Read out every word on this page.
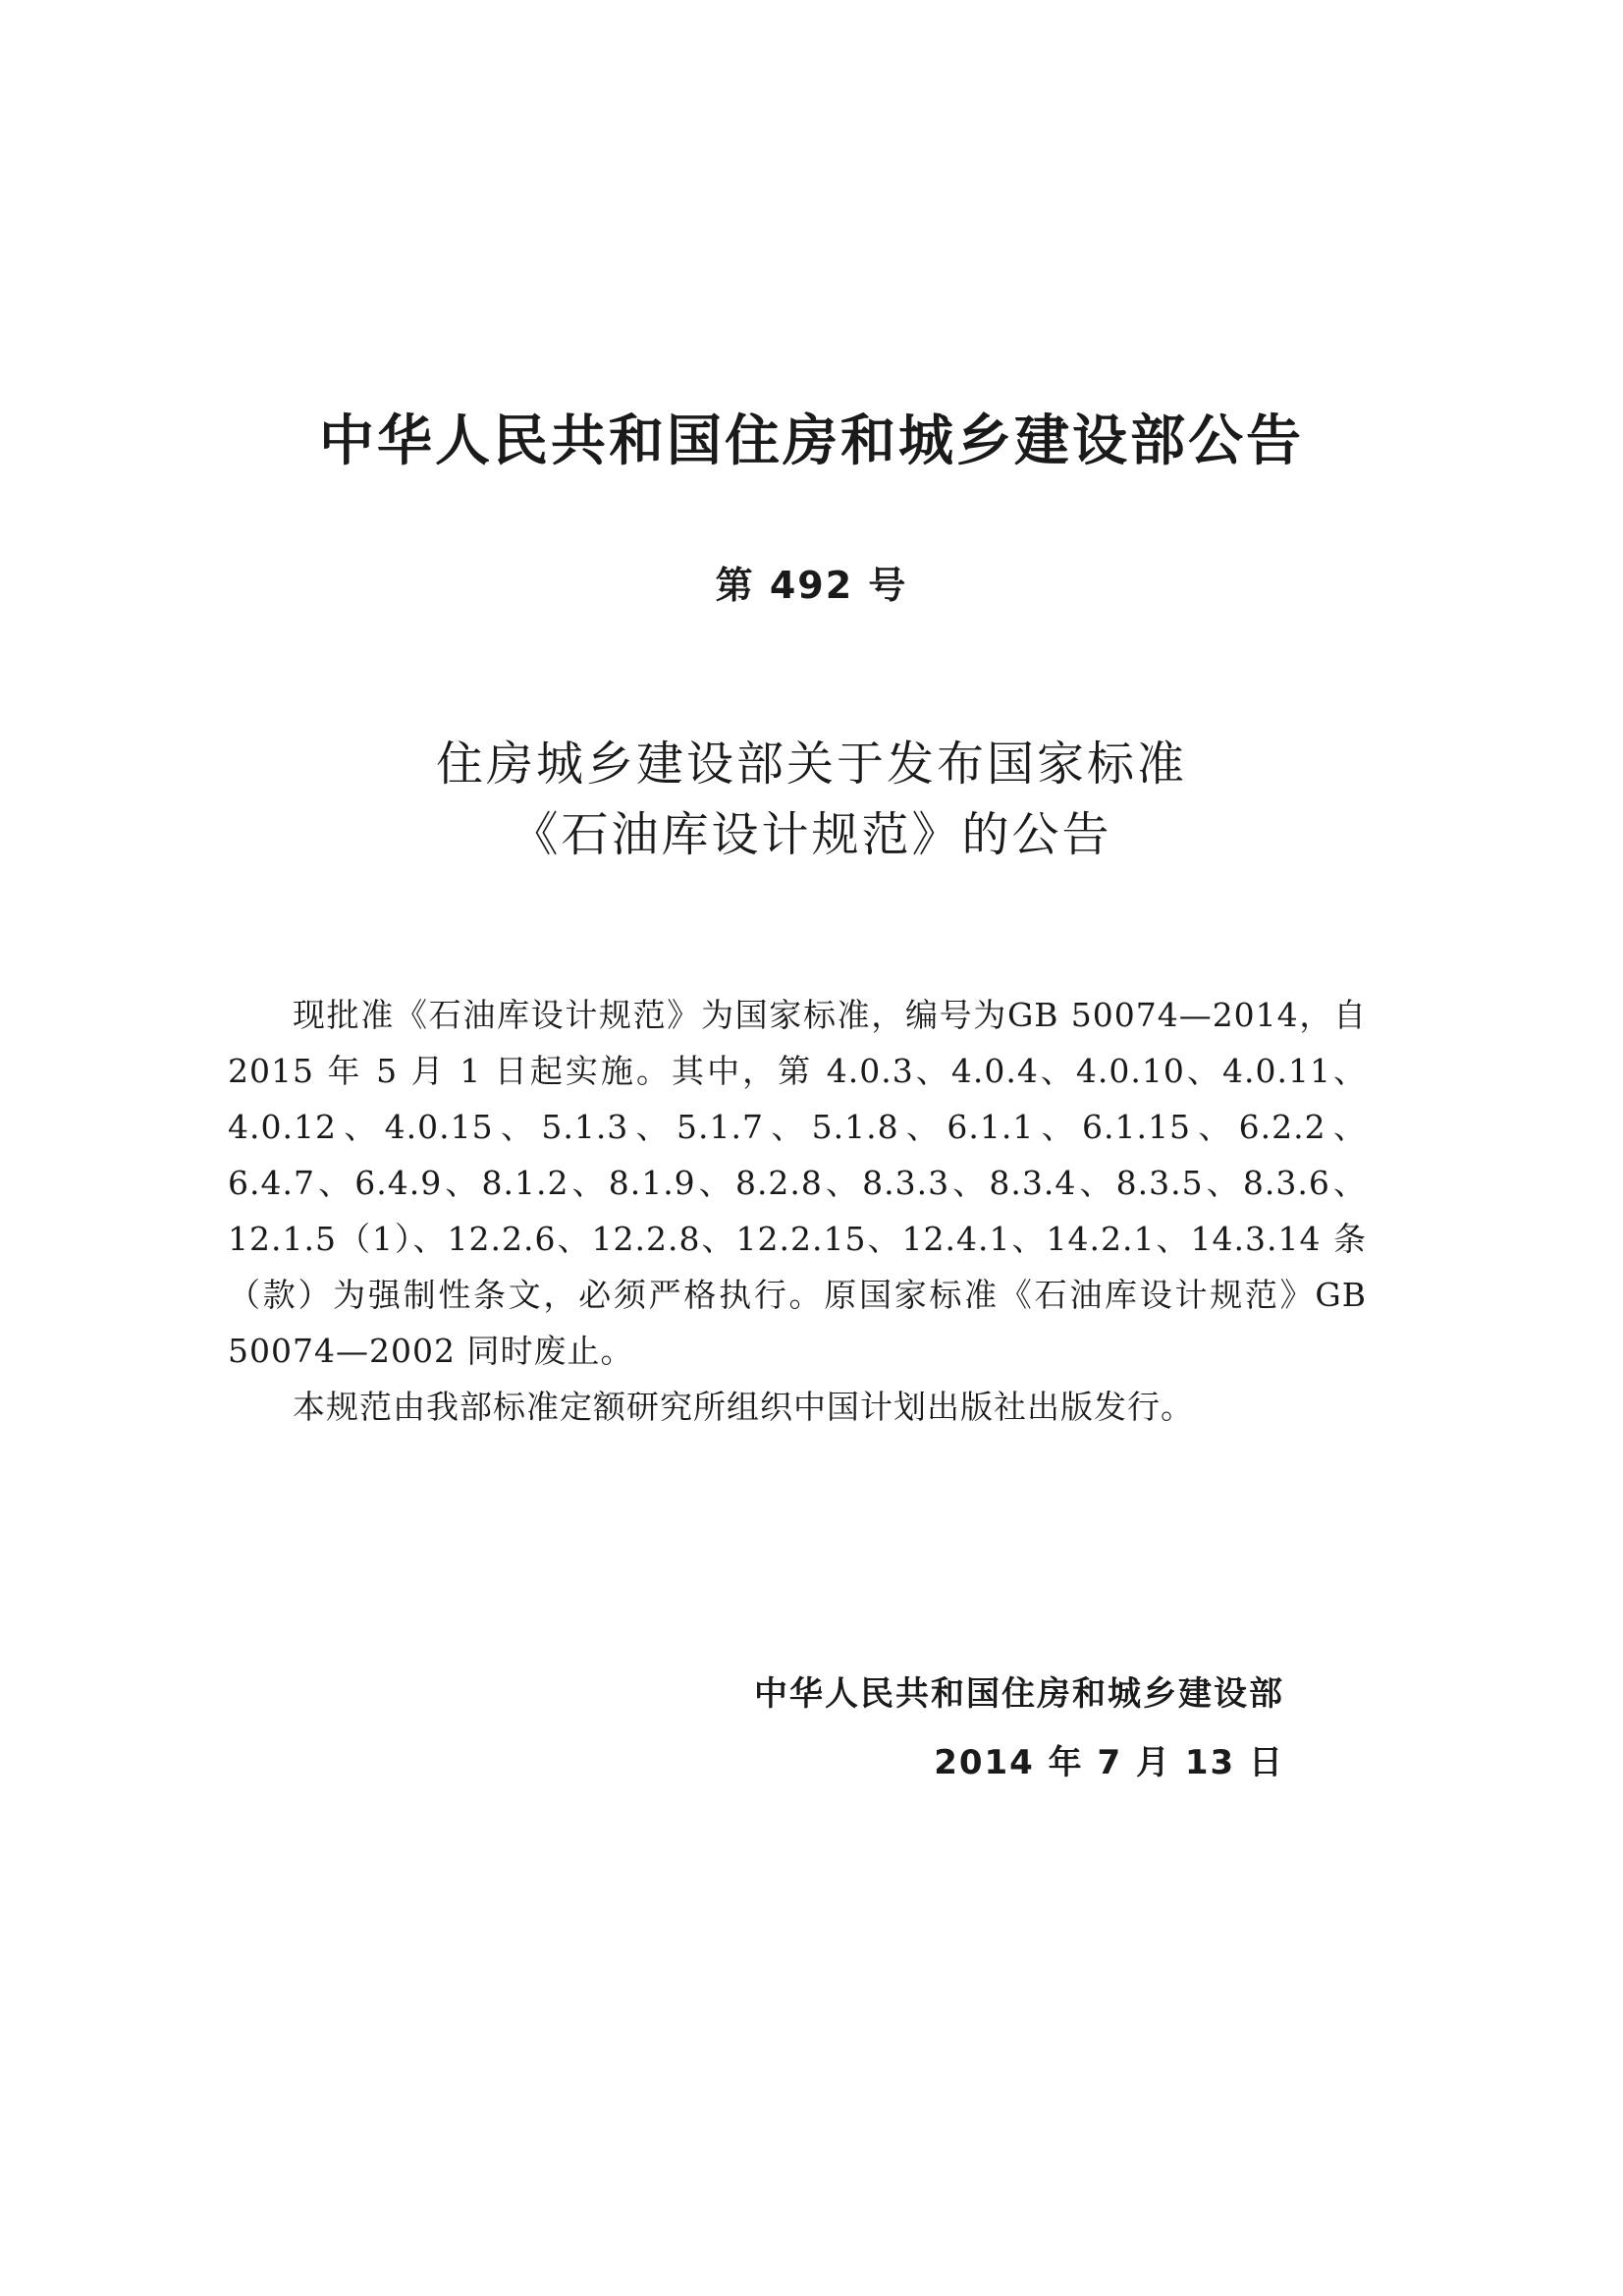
中华人民共和国住房和城乡建设部公告
第 492 号
住房城乡建设部关于发布国家标准
《石油库设计规范》的公告

现批准《石油库设计规范》为国家标准，编号为GB 50074—2014，自 2015 年 5 月 1 日起实施。其中，第 4.0.3、4.0.4、4.0.10、4.0.11、4.0.12、4.0.15、5.1.3、5.1.7、5.1.8、6.1.1、6.1.15、6.2.2、6.4.7、6.4.9、8.1.2、8.1.9、8.2.8、8.3.3、8.3.4、8.3.5、8.3.6、12.1.5（1）、12.2.6、12.2.8、12.2.15、12.4.1、14.2.1、14.3.14 条（款）为强制性条文，必须严格执行。原国家标准《石油库设计规范》GB 50074—2002 同时废止。

本规范由我部标准定额研究所组织中国计划出版社出版发行。

中华人民共和国住房和城乡建设部
2014 年 7 月 13 日
